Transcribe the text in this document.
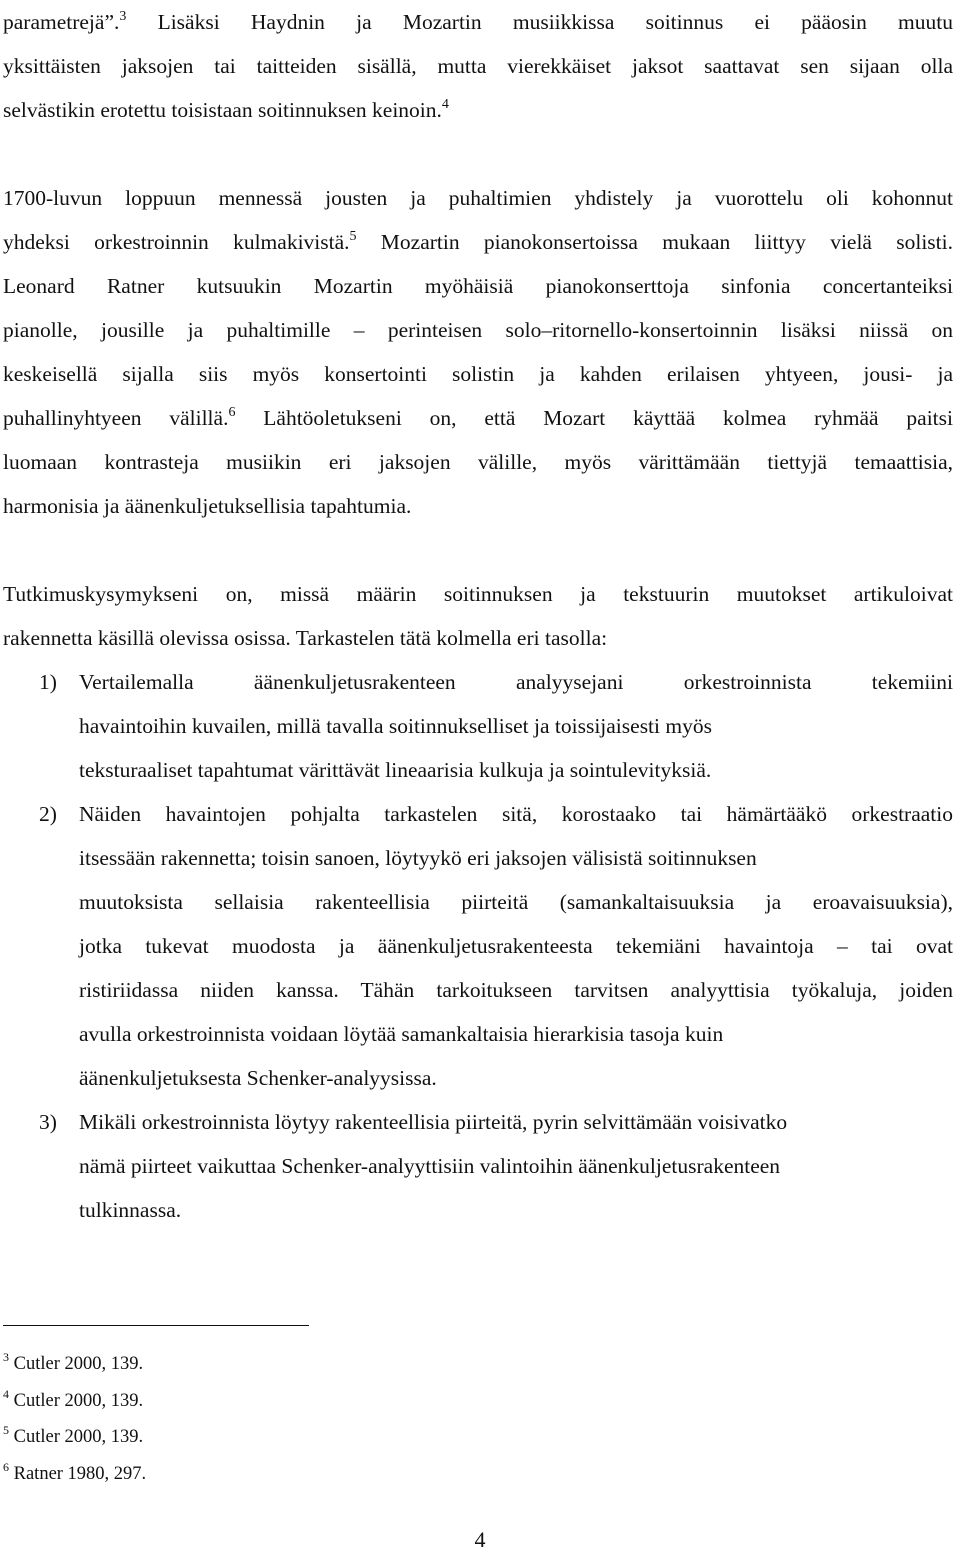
parametrejä”.$^3$ Lisäksi Haydnin ja Mozartin musiikkissa soitinnus ei pääosin muutu
yksittäisten jaksojen tai taitteiden sisällä, mutta vierekkäiset jaksot saattavat sen sijaan olla
selvästikin erotettu toisistaan soitinnuksen keinoin.$^4$
1700-luvun loppuun mennessä jousten ja puhaltimien yhdistely ja vuorottelu oli kohonnut
yhdeksi orkestroinnin kulmakivistä.$^5$ Mozartin pianokonsertoissa mukaan liittyy vielä solisti.
Leonard Ratner kutsuukin Mozartin myöhäisiä pianokonserttoja sinfonia concertanteiksi
pianolle, jousille ja puhaltimille – perinteisen solo–ritornello-konsertoinnin lisäksi niissä on
keskeisellä sijalla siis myös konsertointi solistin ja kahden erilaisen yhtyeen, jousi- ja
puhallinyhtyeen välillä.$^6$ Lähtöoletukseni on, että Mozart käyttää kolmea ryhmää paitsi
luomaan kontrasteja musiikin eri jaksojen välille, myös värittämään tiettyjä temaattisia,
harmonisia ja äänenkuljetuksellisia tapahtumia.
Tutkimuskysymykseni on, missä määrin soitinnuksen ja tekstuurin muutokset artikuloivat
rakennetta käsillä olevissa osissa. Tarkastelen tätä kolmella eri tasolla:
1) Vertailemalla äänenkuljetusrakenteen analyysejani orkestroinnista tekemiini
havaintoihin kuvailen, millä tavalla soitinnukselliset ja toissijaisesti myös
teksturaaliset tapahtumat värittävät lineaarisia kulkuja ja sointulevityksiä.
2) Näiden havaintojen pohjalta tarkastelen sitä, korostaako tai hämärtääkö orkestraatio
itsessään rakennetta; toisin sanoen, löytyykö eri jaksojen välisistä soitinnuksen
muutoksista sellaisia rakenteellisia piirteitä (samankaltaisuuksia ja eroavaisuuksia),
jotka tukevat muodosta ja äänenkuljetusrakenteesta tekemiäni havaintoja – tai ovat
ristiriidassa niiden kanssa. Tähän tarkoitukseen tarvitsen analyyttisia työkaluja, joiden
avulla orkestroinnista voidaan löytää samankaltaisia hierarkisia tasoja kuin
äänenkuljetuksesta Schenker-analyysissa.
3) Mikäli orkestroinnista löytyy rakenteellisia piirteitä, pyrin selvittämään voisivatko
nämä piirteet vaikuttaa Schenker-analyyttisiin valintoihin äänenkuljetusrakenteen
tulkinnassa.
$^3$ Cutler 2000, 139.
$^4$ Cutler 2000, 139.
$^5$ Cutler 2000, 139.
$^6$ Ratner 1980, 297.
4
